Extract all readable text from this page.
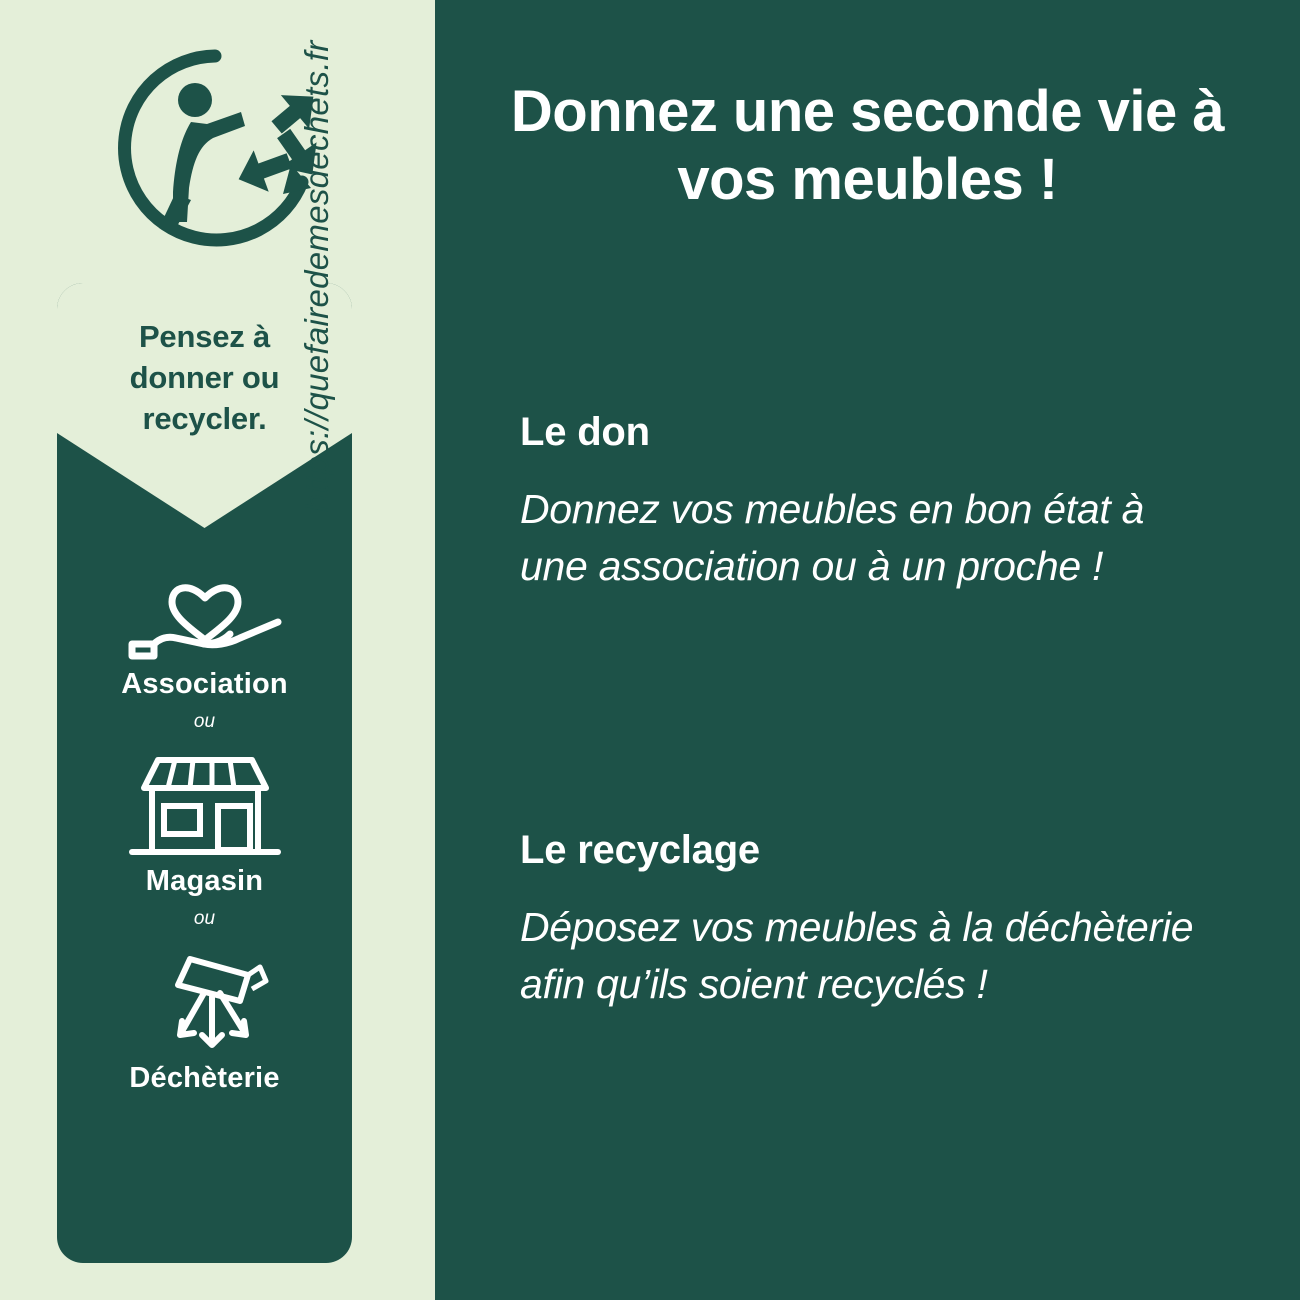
Pensez à
donner ou
recycler.
Association
ou
Magasin
ou
Déchèterie
https://quefairedemesdechets.fr	Donnez une seconde vie à vos meubles !
Le don
Donnez vos meubles en bon état à une association ou à un proche !
Le recyclage
Déposez vos meubles à la déchèterie afin qu’ils soient recyclés !
